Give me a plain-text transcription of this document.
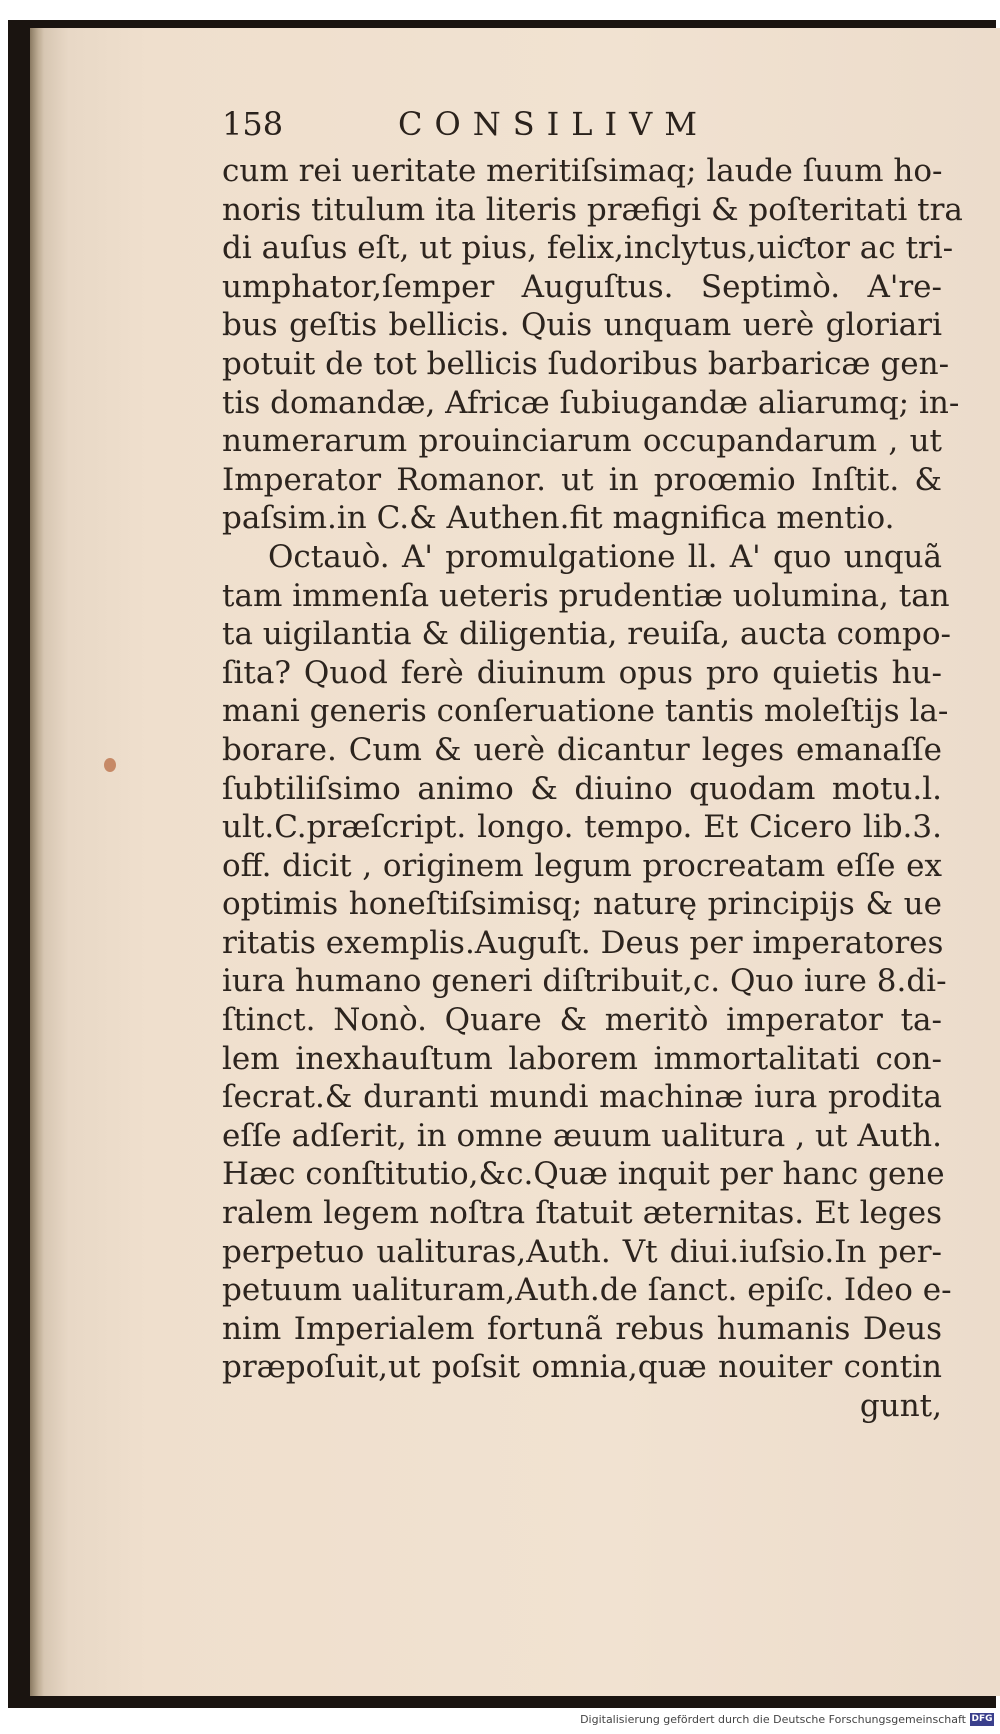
158	CONSILIVM
cum rei ueritate meritiſsimaq; laude ſuum ho-
noris titulum ita literis præfigi & poſteritati tra
di auſus eſt, ut pius, felix,inclytus,uiƈtor ac tri-
umphator,ſemper Auguſtus. Septimò. A're-
bus geſtis bellicis. Quis unquam uerè gloriari
potuit de tot bellicis ſudoribus barbaricæ gen-
tis domandæ, Africæ ſubiugandæ aliarumq; in-
numerarum prouinciarum occupandarum , ut
Imperator Romanor. ut in proœmio Inſtit. &
paſsim.in C.& Authen.fit magnifica mentio.
Octauò. A' promulgatione ll. A' quo unquã
tam immenſa ueteris prudentiæ uolumina, tan
ta uigilantia & diligentia, reuiſa, aucta compo-
ſita? Quod ferè diuinum opus pro quietis hu-
mani generis conſeruatione tantis moleſtijs la-
borare. Cum & uerè dicantur leges emanaſſe
ſubtiliſsimo animo & diuino quodam motu.l.
ult.C.præſcript. longo. tempo. Et Cicero lib.3.
off. dicit , originem legum procreatam eſſe ex
optimis honeſtiſsimisq; naturę principijs & ue
ritatis exemplis.Auguſt. Deus per imperatores
iura humano generi diſtribuit,c. Quo iure 8.di-
ſtinct. Nonò. Quare & meritò imperator ta-
lem inexhauſtum laborem immortalitati con-
ſecrat.& duranti mundi machinæ iura prodita
eſſe adſerit, in omne æuum ualitura , ut Auth.
Hæc conſtitutio,&c.Quæ inquit per hanc gene
ralem legem noſtra ſtatuit æternitas. Et leges
perpetuo ualituras,Auth. Vt diui.iuſsio.In per-
petuum ualituram,Auth.de ſanct. epiſc. Ideo e-
nim Imperialem fortunã rebus humanis Deus
præpoſuit,ut poſsit omnia,quæ nouiter contin
gunt,
Digitalisierung gefördert durch die Deutsche Forschungsgemeinschaft DFG
